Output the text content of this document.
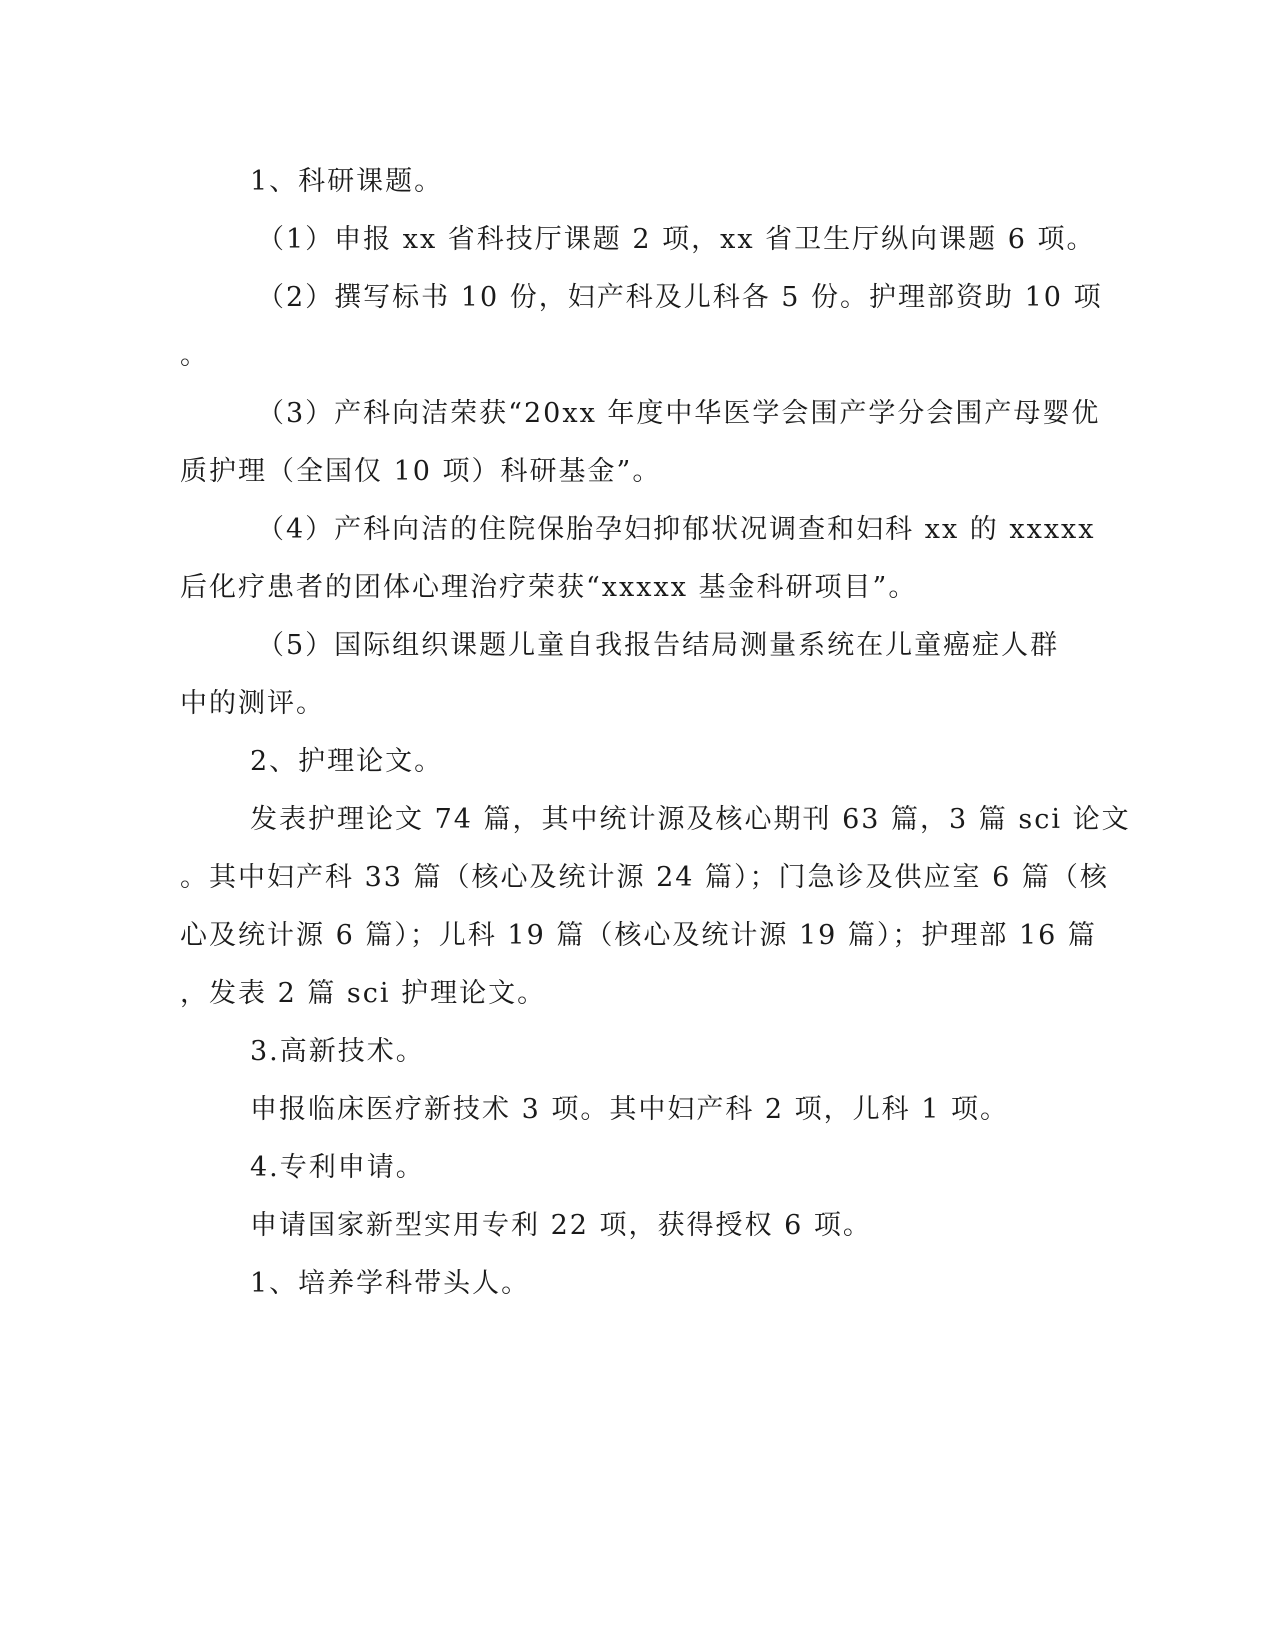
1、科研课题。
（1）申报 xx 省科技厅课题 2 项，xx 省卫生厅纵向课题 6 项。
（2）撰写标书 10 份，妇产科及儿科各 5 份。护理部资助 10 项
。
（3）产科向洁荣获“20xx 年度中华医学会围产学分会围产母婴优
质护理（全国仅 10 项）科研基金”。
（4）产科向洁的住院保胎孕妇抑郁状况调查和妇科 xx 的 xxxxx
后化疗患者的团体心理治疗荣获“xxxxx 基金科研项目”。
（5）国际组织课题儿童自我报告结局测量系统在儿童癌症人群
中的测评。
2、护理论文。
发表护理论文 74 篇，其中统计源及核心期刊 63 篇，3 篇 sci 论文
。其中妇产科 33 篇（核心及统计源 24 篇）；门急诊及供应室 6 篇（核
心及统计源 6 篇）；儿科 19 篇（核心及统计源 19 篇）；护理部 16 篇
，发表 2 篇 sci 护理论文。
3.高新技术。
申报临床医疗新技术 3 项。其中妇产科 2 项，儿科 1 项。
4.专利申请。
申请国家新型实用专利 22 项，获得授权 6 项。
1、培养学科带头人。
